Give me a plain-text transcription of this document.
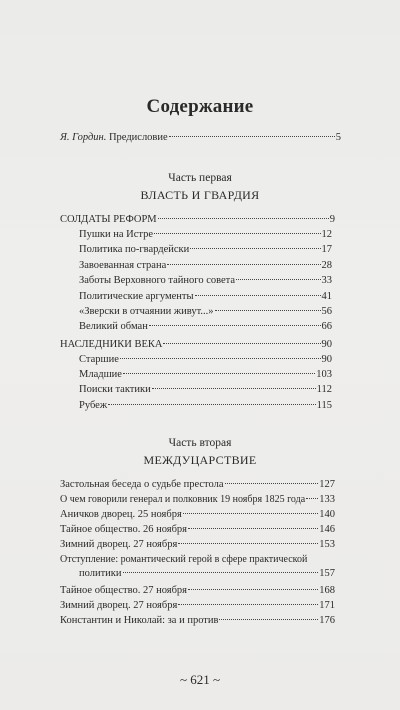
Содержание
Я. Гордин. Предисловие	5
Часть первая
ВЛАСТЬ И ГВАРДИЯ
СОЛДАТЫ РЕФОРМ	9
Пушки на Истре	12
Политика по-гвардейски	17
Завоеванная страна	28
Заботы Верховного тайного совета	33
Политические аргументы	41
«Зверски в отчаянии живут...»	56
Великий обман	66
НАСЛЕДНИКИ ВЕКА	90
Старшие	90
Младшие	103
Поиски тактики	112
Рубеж	115
Часть вторая
МЕЖДУЦАРСТВИЕ
Застольная беседа о судьбе престола	127
О чем говорили генерал и полковник 19 ноября 1825 года 133
Аничков дворец. 25 ноября	140
Тайное общество. 26 ноября	146
Зимний дворец. 27 ноября	153
Отступление: романтический герой в сфере практической
политики	157
Тайное общество. 27 ноября	168
Зимний дворец. 27 ноября	171
Константин и Николай: за и против	176
~ 621 ~
